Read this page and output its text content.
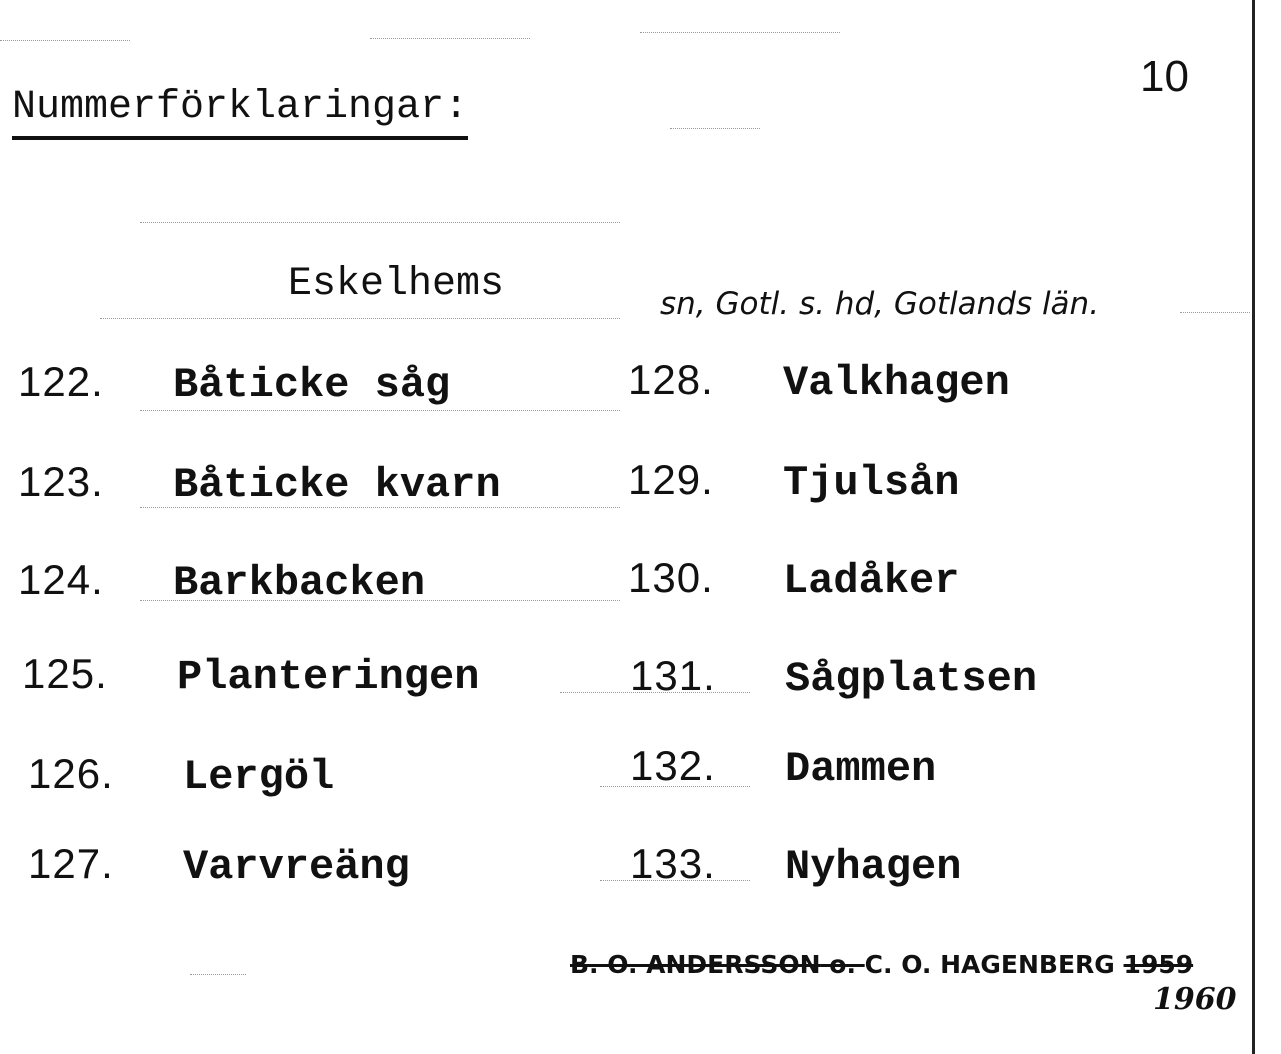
10
Nummerförklaringar:
Eskelhems	sn, Gotl. s. hd, Gotlands län.
122.	Båticke såg
123.	Båticke kvarn
124.	Barkbacken
125.	Planteringen
126.	Lergöl
127.	Varvreäng
128.	Valkhagen
129.	Tjulsån
130.	Ladåker
131.	Sågplatsen
132.	Dammen
133.	Nyhagen
B. O. ANDERSSON o. C. O. HAGENBERG 1959
1960
